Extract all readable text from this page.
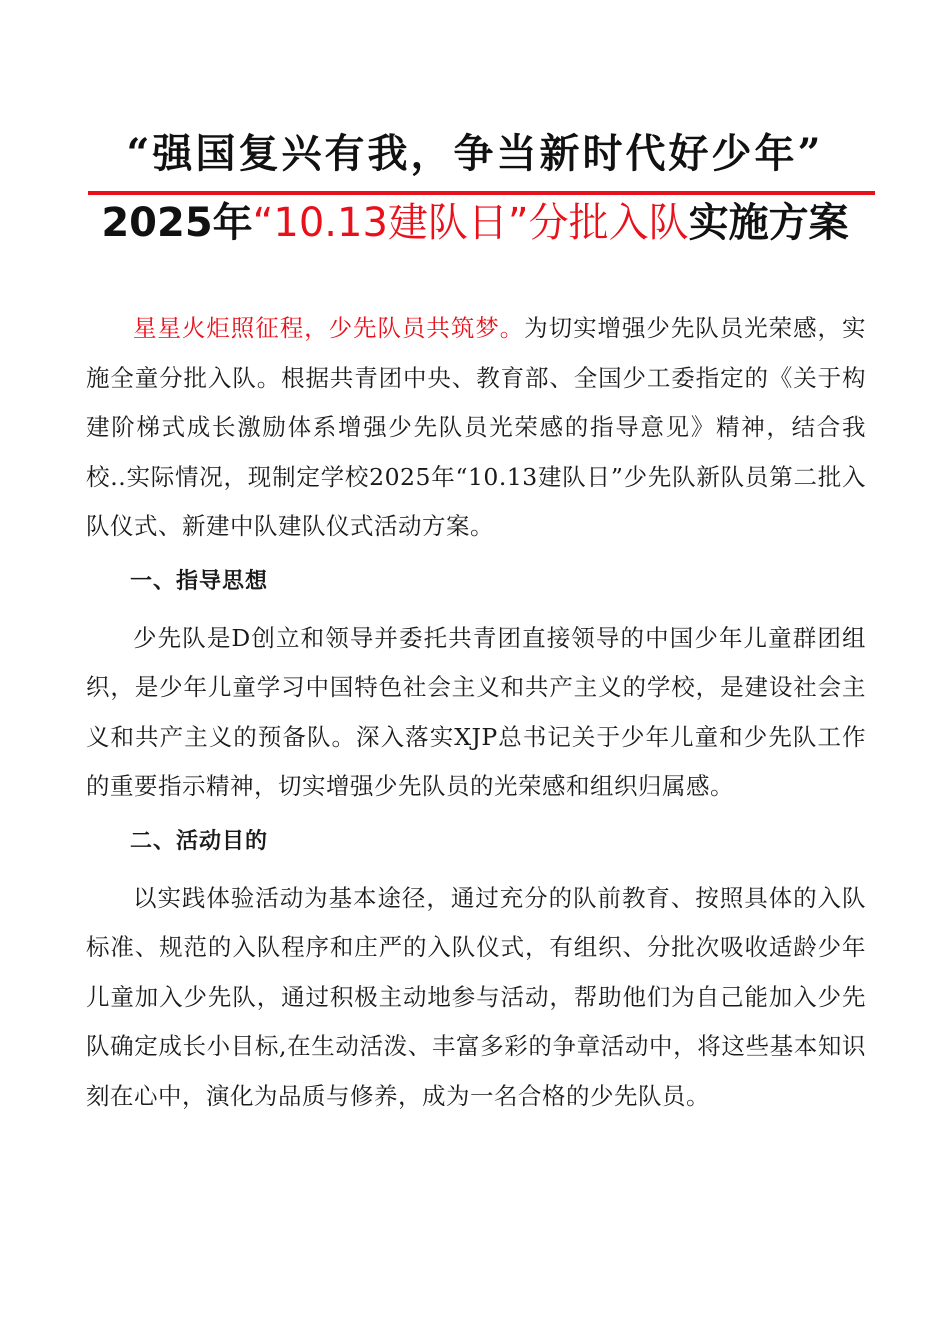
“强国复兴有我，争当新时代好少年”
2025年“10.13建队日”分批入队实施方案

星星火炬照征程，少先队员共筑梦。为切实增强少先队员光荣感，实施全童分批入队。根据共青团中央、教育部、全国少工委指定的《关于构建阶梯式成长激励体系增强少先队员光荣感的指导意见》精神，结合我校..实际情况，现制定学校2025年“10.13建队日”少先队新队员第二批入队仪式、新建中队建队仪式活动方案。

一、指导思想

少先队是D创立和领导并委托共青团直接领导的中国少年儿童群团组织，是少年儿童学习中国特色社会主义和共产主义的学校，是建设社会主义和共产主义的预备队。深入落实XJP总书记关于少年儿童和少先队工作的重要指示精神，切实增强少先队员的光荣感和组织归属感。

二、活动目的

以实践体验活动为基本途径，通过充分的队前教育、按照具体的入队标准、规范的入队程序和庄严的入队仪式，有组织、分批次吸收适龄少年儿童加入少先队，通过积极主动地参与活动，帮助他们为自己能加入少先队确定成长小目标,在生动活泼、丰富多彩的争章活动中，将这些基本知识刻在心中，演化为品质与修养，成为一名合格的少先队员。
